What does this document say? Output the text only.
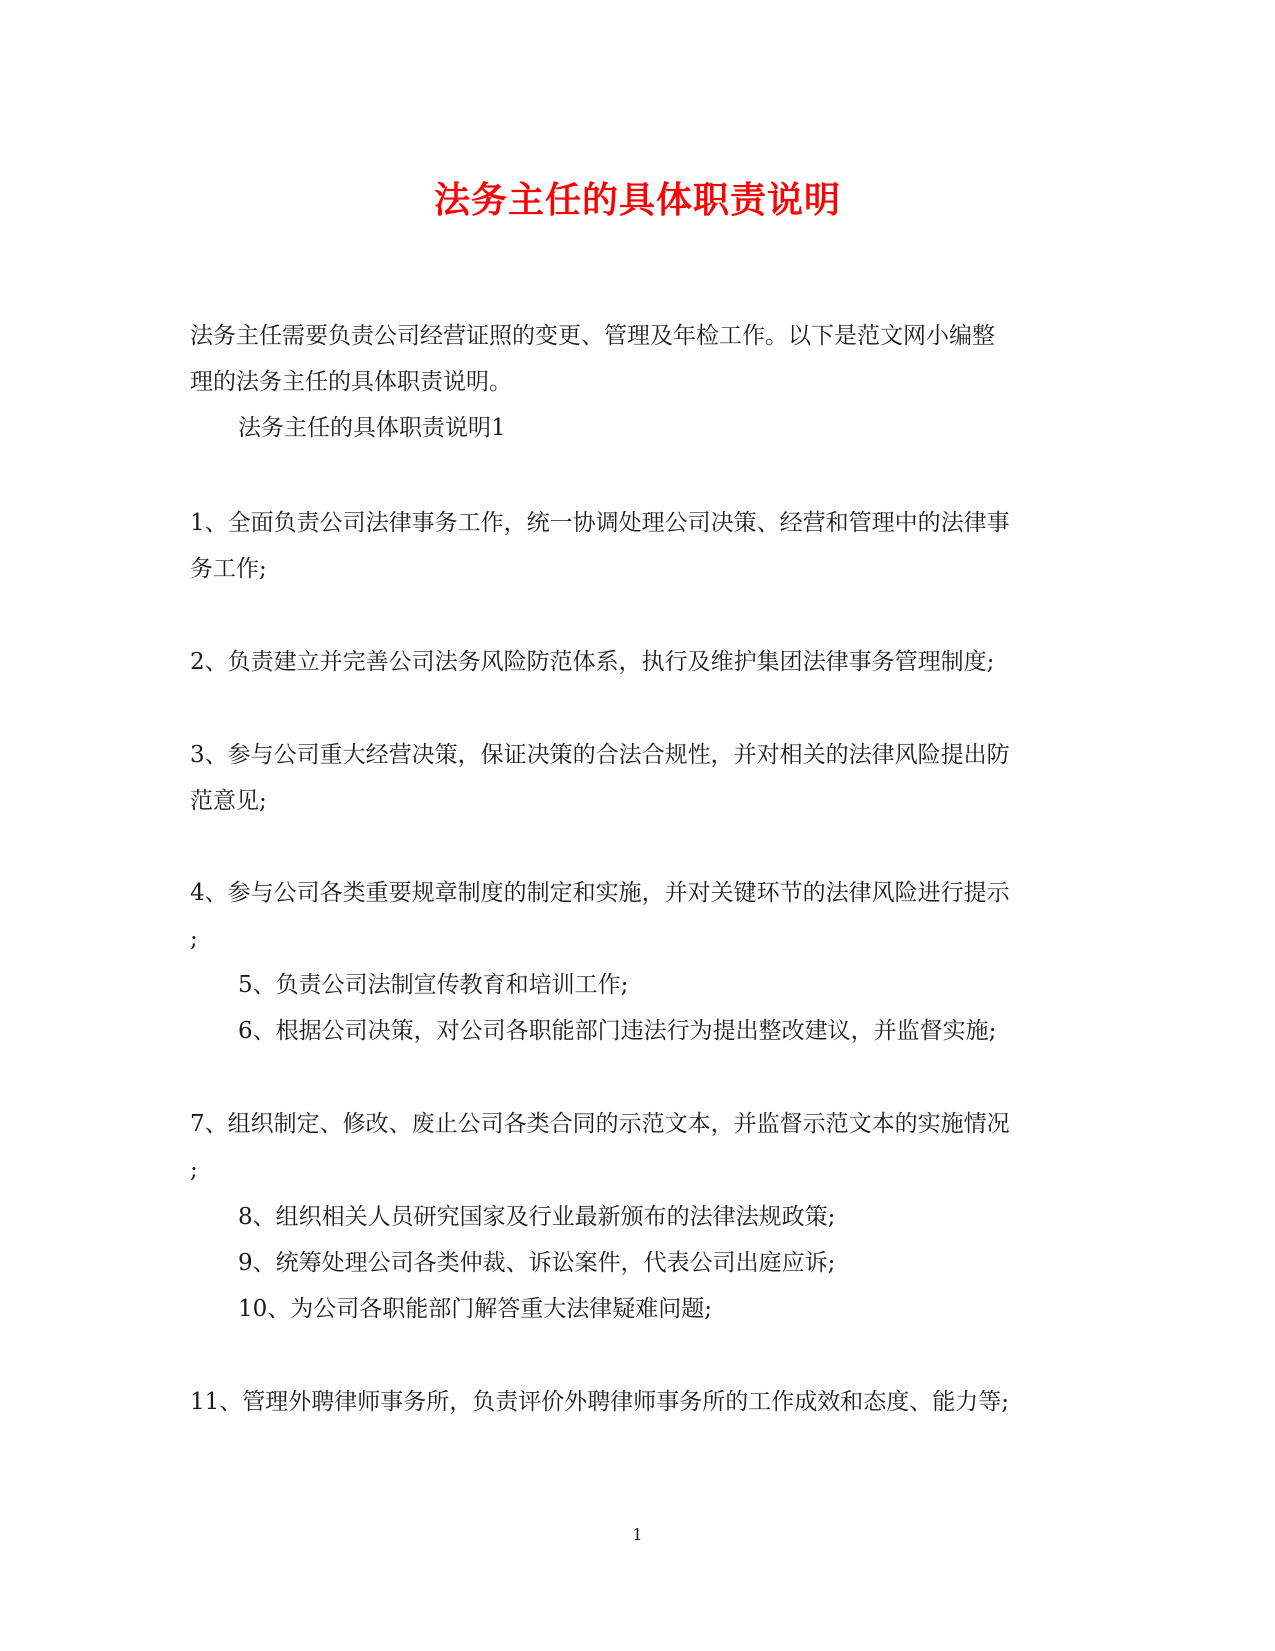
法务主任的具体职责说明
法务主任需要负责公司经营证照的变更、管理及年检工作。以下是范文网小编整
理的法务主任的具体职责说明。
法务主任的具体职责说明1
1、全面负责公司法律事务工作，统一协调处理公司决策、经营和管理中的法律事
务工作;
2、负责建立并完善公司法务风险防范体系，执行及维护集团法律事务管理制度;
3、参与公司重大经营决策，保证决策的合法合规性，并对相关的法律风险提出防
范意见;
4、参与公司各类重要规章制度的制定和实施，并对关键环节的法律风险进行提示
;
5、负责公司法制宣传教育和培训工作;
6、根据公司决策，对公司各职能部门违法行为提出整改建议，并监督实施;
7、组织制定、修改、废止公司各类合同的示范文本，并监督示范文本的实施情况
;
8、组织相关人员研究国家及行业最新颁布的法律法规政策;
9、统筹处理公司各类仲裁、诉讼案件，代表公司出庭应诉;
10、为公司各职能部门解答重大法律疑难问题;
11、管理外聘律师事务所，负责评价外聘律师事务所的工作成效和态度、能力等;
1
